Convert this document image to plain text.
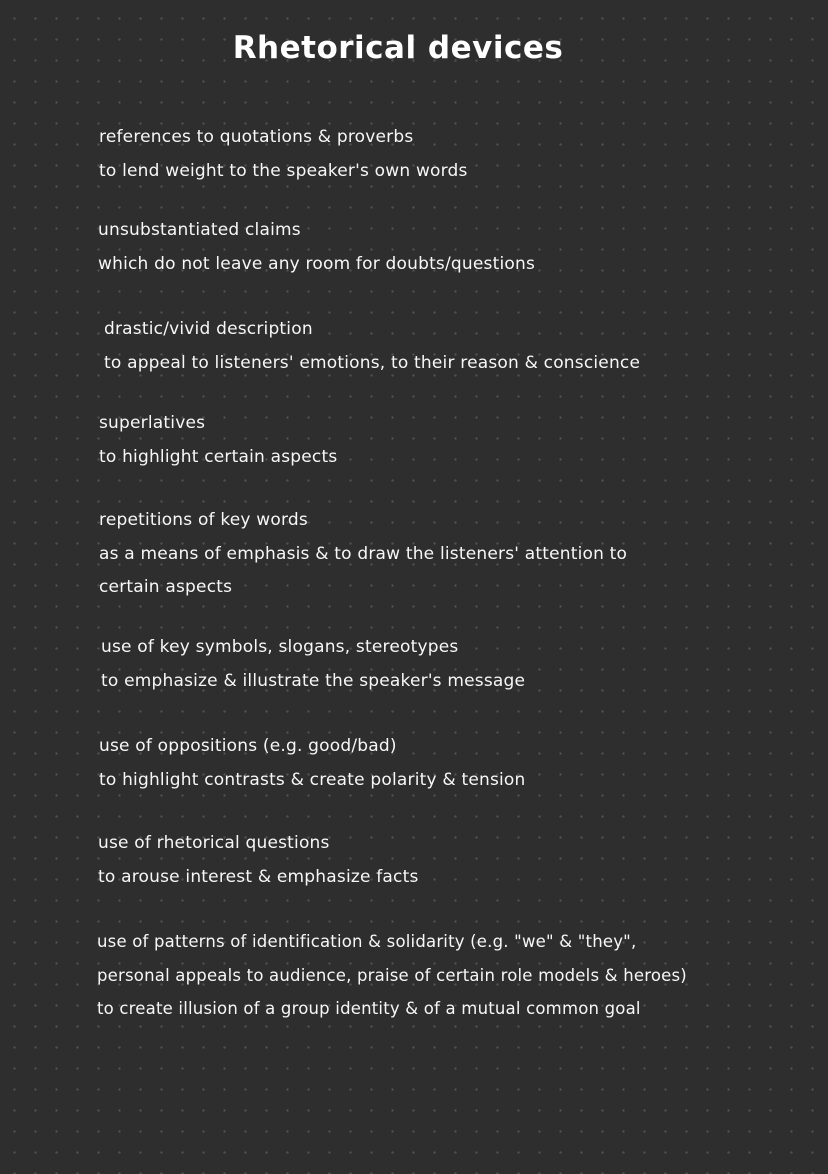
Rhetorical devices
references to quotations & proverbs
to lend weight to the speaker's own words
unsubstantiated claims
which do not leave any room for doubts/questions
drastic/vivid description
to appeal to listeners' emotions, to their reason & conscience
superlatives
to highlight certain aspects
repetitions of key words
as a means of emphasis & to draw the listeners' attention to
certain aspects
use of key symbols, slogans, stereotypes
to emphasize & illustrate the speaker's message
use of oppositions (e.g. good/bad)
to highlight contrasts & create polarity & tension
use of rhetorical questions
to arouse interest & emphasize facts
use of patterns of identification & solidarity (e.g. "we" & "they",
personal appeals to audience, praise of certain role models & heroes)
to create illusion of a group identity & of a mutual common goal
